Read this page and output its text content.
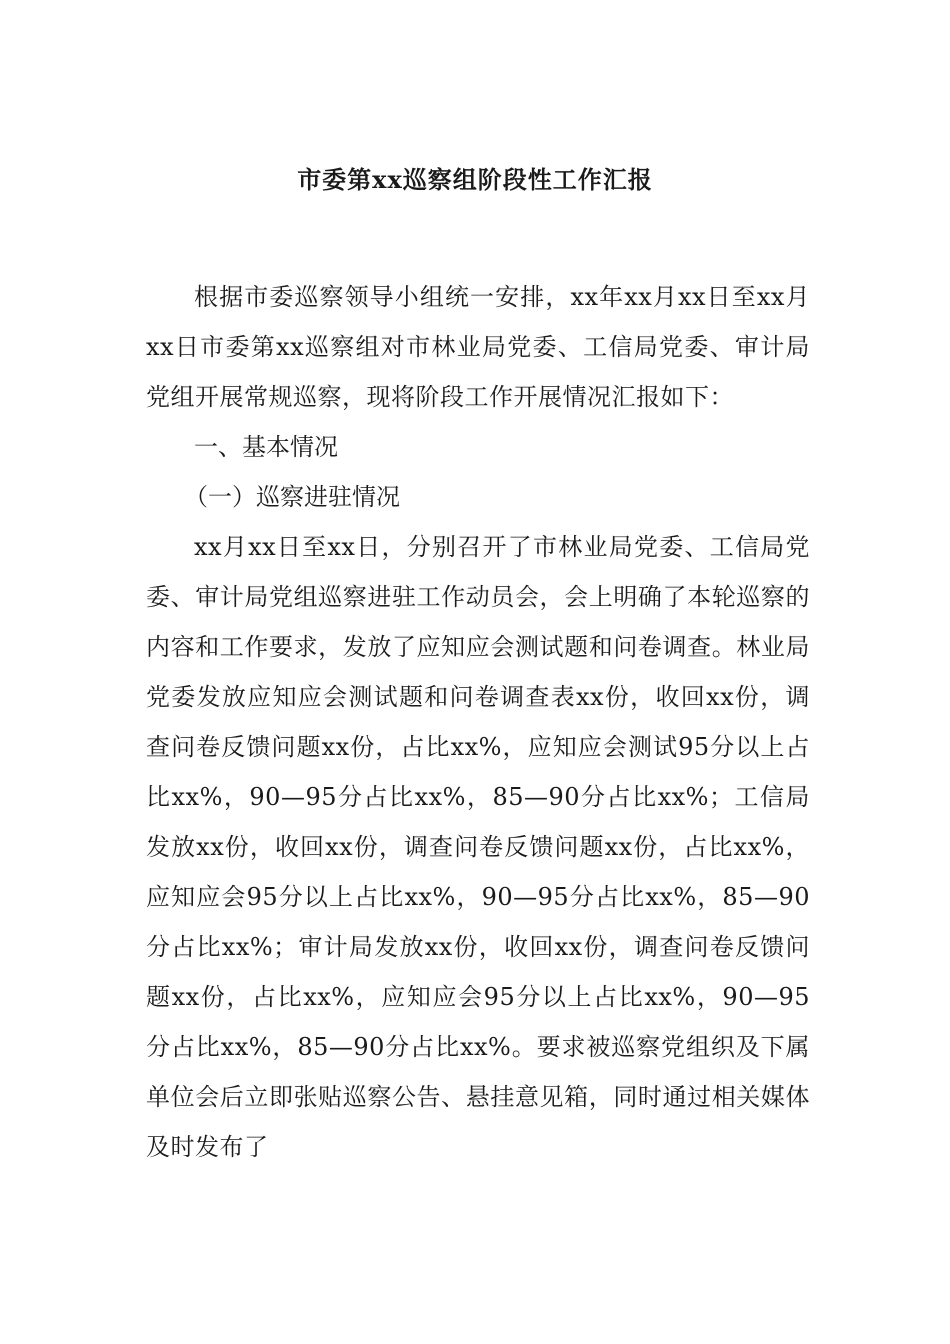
市委第xx巡察组阶段性工作汇报

根据市委巡察领导小组统一安排，xx年xx月xx日至xx月xx日市委第xx巡察组对市林业局党委、工信局党委、审计局党组开展常规巡察，现将阶段工作开展情况汇报如下：

一、基本情况

（一）巡察进驻情况

xx月xx日至xx日，分别召开了市林业局党委、工信局党委、审计局党组巡察进驻工作动员会，会上明确了本轮巡察的内容和工作要求，发放了应知应会测试题和问卷调查。林业局党委发放应知应会测试题和问卷调查表xx份，收回xx份，调查问卷反馈问题xx份，占比xx%，应知应会测试95分以上占比xx%，90—95分占比xx%，85—90分占比xx%；工信局发放xx份，收回xx份，调查问卷反馈问题xx份，占比xx%，应知应会95分以上占比xx%，90—95分占比xx%，85—90分占比xx%；审计局发放xx份，收回xx份，调查问卷反馈问题xx份，占比xx%，应知应会95分以上占比xx%，90—95分占比xx%，85—90分占比xx%。要求被巡察党组织及下属单位会后立即张贴巡察公告、悬挂意见箱，同时通过相关媒体及时发布了
